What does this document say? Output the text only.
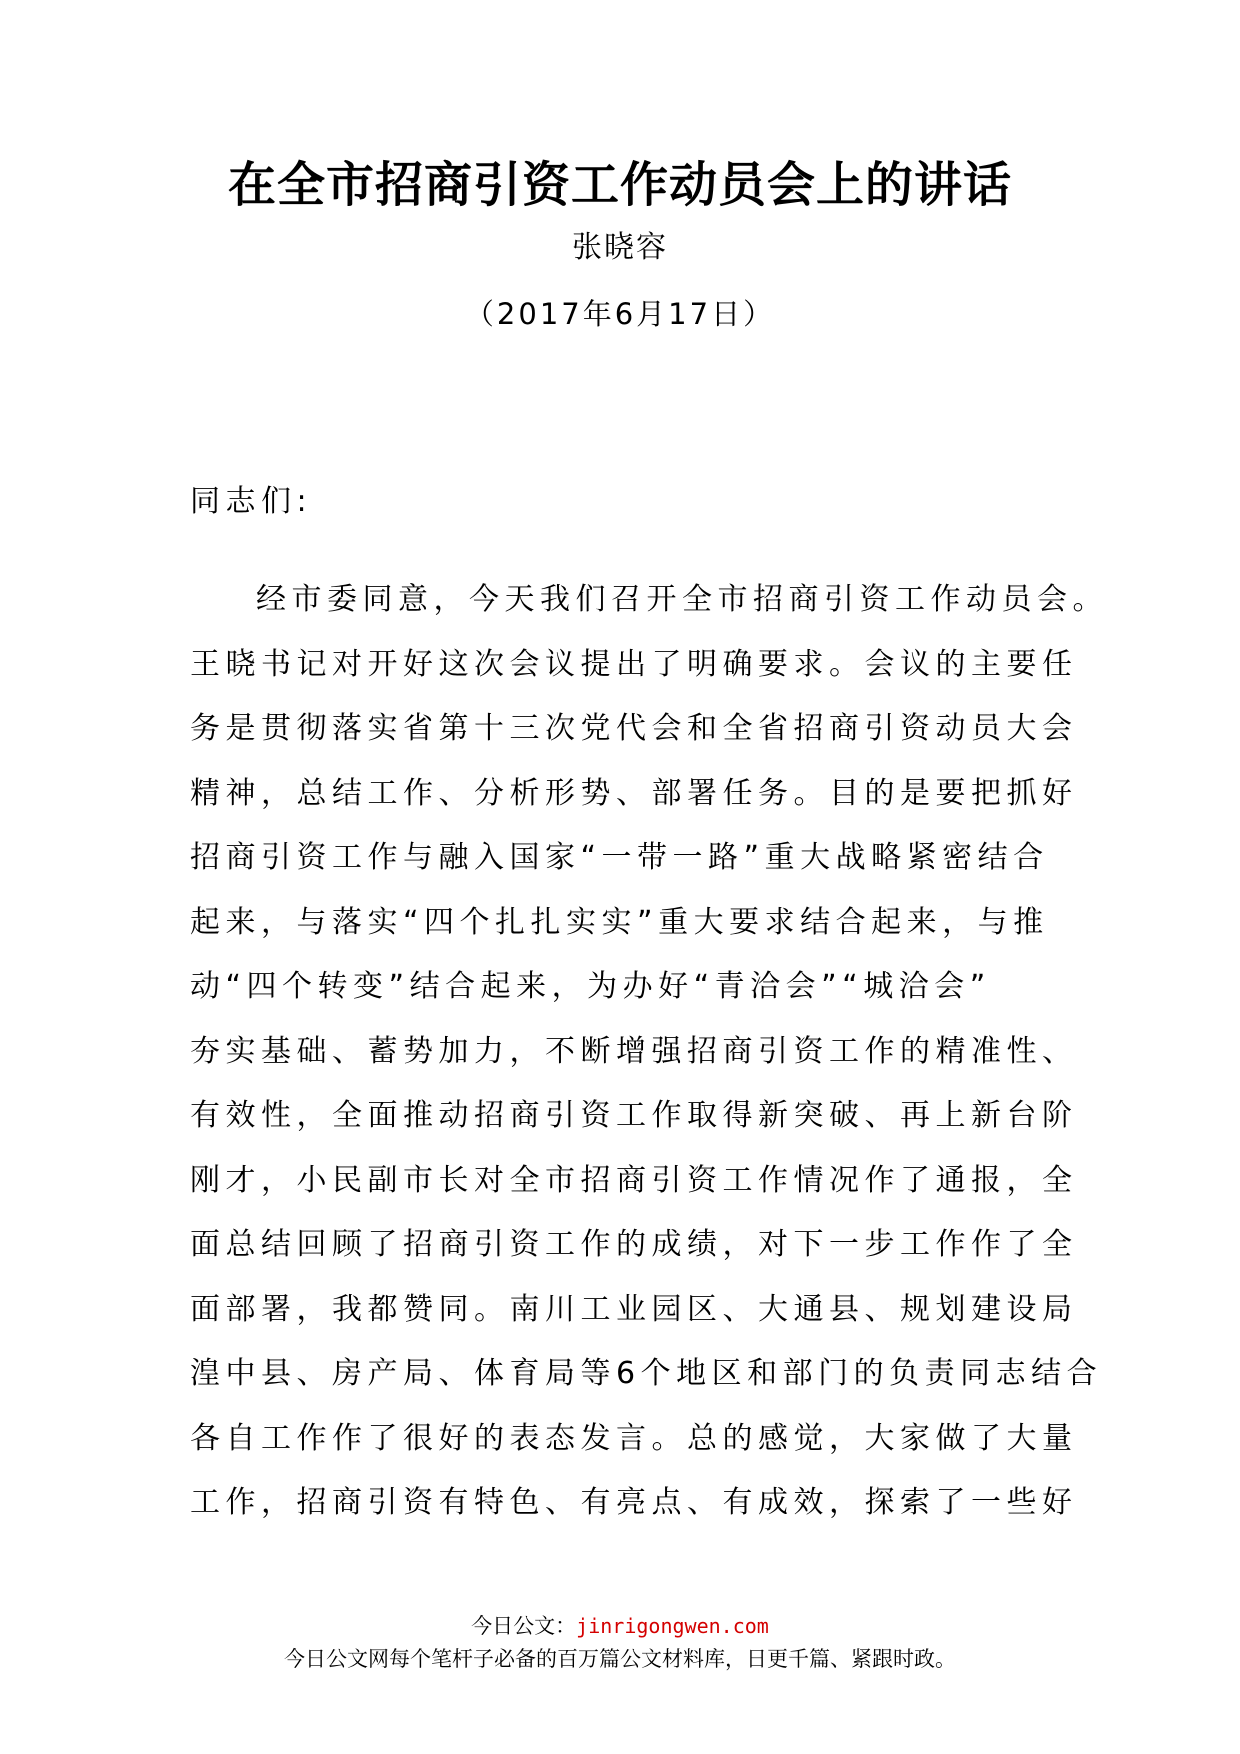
在全市招商引资工作动员会上的讲话
张晓容
（2017年6月17日）
同志们:
经市委同意，今天我们召开全市招商引资工作动员会。
王晓书记对开好这次会议提出了明确要求。会议的主要任
务是贯彻落实省第十三次党代会和全省招商引资动员大会
精神，总结工作、分析形势、部署任务。目的是要把抓好
招商引资工作与融入国家“一带一路”重大战略紧密结合
起来，与落实“四个扎扎实实”重大要求结合起来，与推
动“四个转变”结合起来，为办好“青洽会”“城洽会”
夯实基础、蓄势加力，不断增强招商引资工作的精准性、
有效性，全面推动招商引资工作取得新突破、再上新台阶
刚才，小民副市长对全市招商引资工作情况作了通报，全
面总结回顾了招商引资工作的成绩，对下一步工作作了全
面部署，我都赞同。南川工业园区、大通县、规划建设局
湟中县、房产局、体育局等6个地区和部门的负责同志结合
各自工作作了很好的表态发言。总的感觉，大家做了大量
工作，招商引资有特色、有亮点、有成效，探索了一些好
今日公文：jinrigongwen.com
今日公文网每个笔杆子必备的百万篇公文材料库，日更千篇、紧跟时政。
